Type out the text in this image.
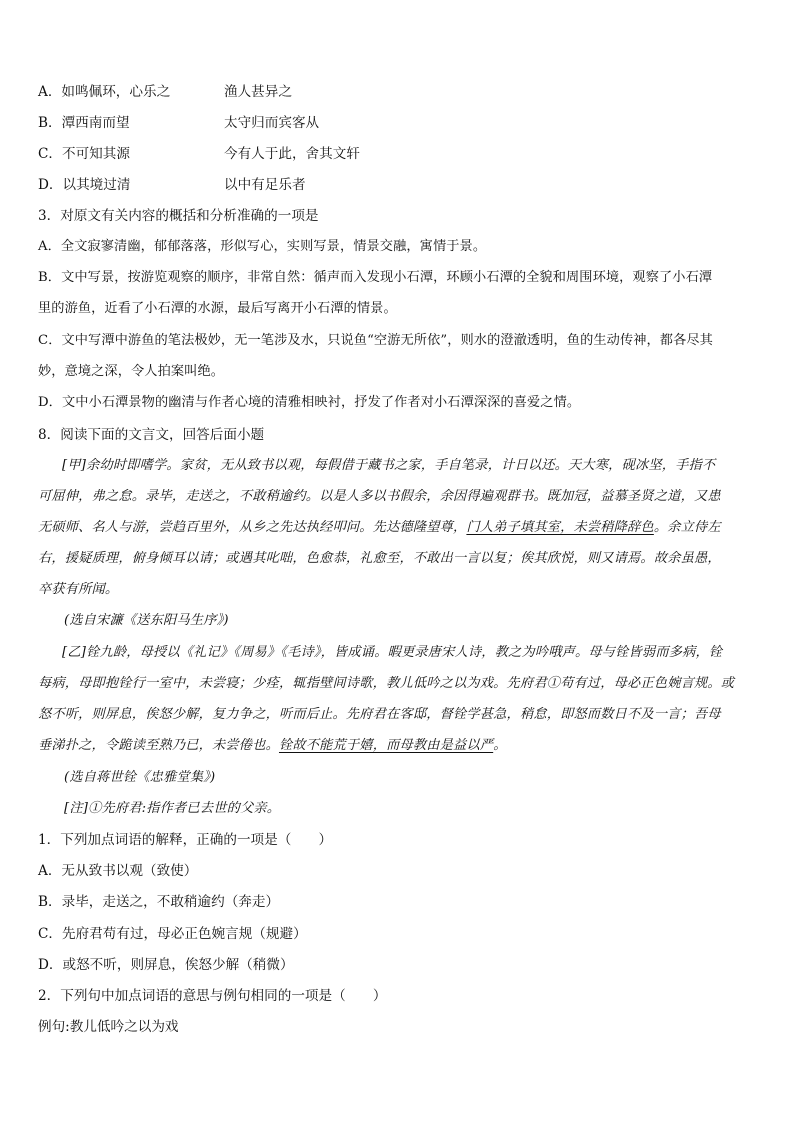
A．如鸣佩环，心乐之	渔人甚异之
B．潭西南而望	太守归而宾客从
C．不可知其源	今有人于此，舍其文轩
D．以其境过清	以中有足乐者
3．对原文有关内容的概括和分析准确的一项是
A．全文寂寥清幽，郁郁落落，形似写心，实则写景，情景交融，寓情于景。
B．文中写景，按游览观察的顺序，非常自然：循声而入发现小石潭，环顾小石潭的全貌和周围环境，观察了小石潭
里的游鱼，近看了小石潭的水源，最后写离开小石潭的情景。
C．文中写潭中游鱼的笔法极妙，无一笔涉及水，只说鱼“空游无所依”，则水的澄澈透明，鱼的生动传神，都各尽其
妙，意境之深，令人拍案叫绝。
D．文中小石潭景物的幽清与作者心境的清雅相映衬，抒发了作者对小石潭深深的喜爱之情。
8．阅读下面的文言文，回答后面小题
[甲]余幼时即嗜学。家贫，无从致书以观，每假借于藏书之家，手自笔录，计日以还。天大寒，砚冰坚，手指不
可屈伸，弗之怠。录毕，走送之，不敢稍逾约。以是人多以书假余，余因得遍观群书。既加冠，益慕圣贤之道，又患
无硕师、名人与游，尝趋百里外，从乡之先达执经叩问。先达德隆望尊，门人弟子填其室，未尝稍降辞色。余立侍左
右，援疑质理，俯身倾耳以请；或遇其叱咄，色愈恭，礼愈至，不敢出一言以复；俟其欣悦，则又请焉。故余虽愚，
卒获有所闻。
(选自宋濂《送东阳马生序》)
[乙]铨九龄，母授以《礼记》《周易》《毛诗》，皆成诵。暇更录唐宋人诗，教之为吟哦声。母与铨皆弱而多病，铨
每病，母即抱铨行一室中，未尝寝；少痊，辄指壁间诗歌，教儿低吟之以为戏。先府君①苟有过，母必正色婉言规。或
怒不听，则屏息，俟怒少解，复力争之，听而后止。先府君在客邸，督铨学甚急，稍怠，即怒而数日不及一言；吾母
垂涕扑之，令跪读至熟乃已，未尝倦也。铨故不能荒于嬉，而母教由是益以严。
(选自蒋世铨《忠雅堂集》)
[注]①先府君:指作者已去世的父亲。
1．下列加点词语的解释，正确的一项是（　　）
A．无从致书以观（致使）
B．录毕，走送之，不敢稍逾约（奔走）
C．先府君苟有过，母必正色婉言规（规避）
D．或怒不听，则屏息，俟怒少解（稍微）
2．下列句中加点词语的意思与例句相同的一项是（　　）
例句:教儿低吟之以为戏
